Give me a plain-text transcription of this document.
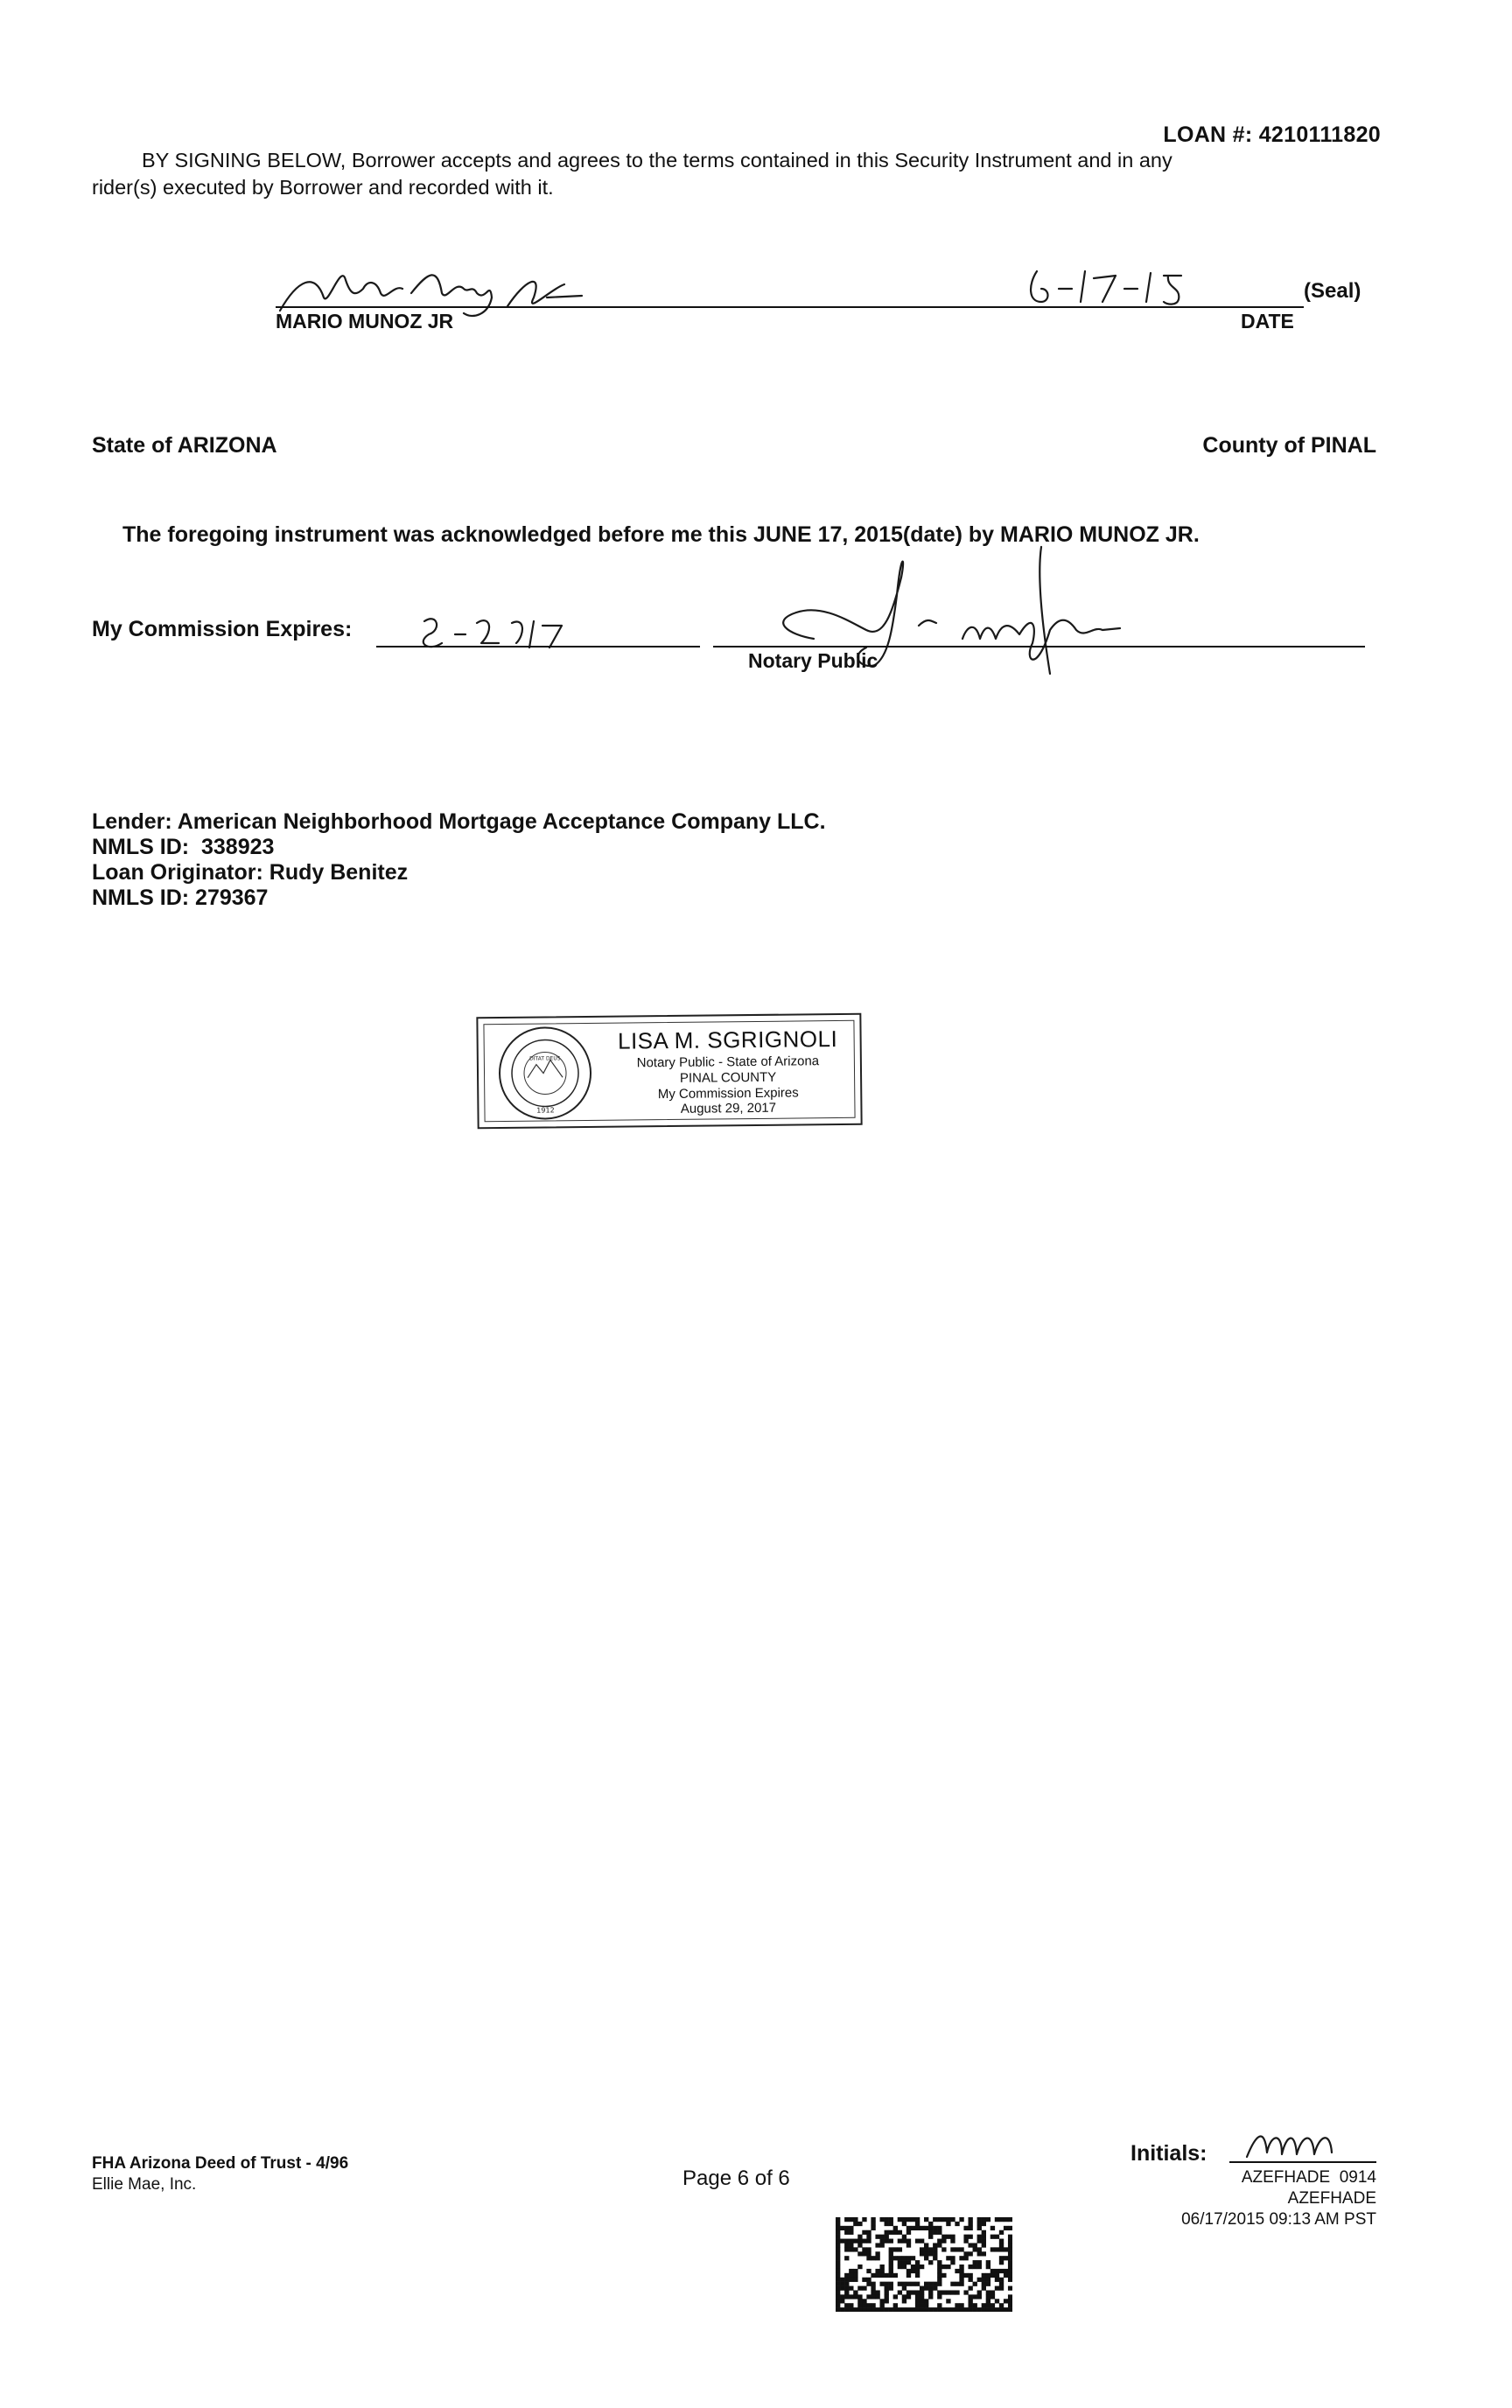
LOAN #: 4210111820
BY SIGNING BELOW, Borrower accepts and agrees to the terms contained in this Security Instrument and in any
rider(s) executed by Borrower and recorded with it.
(Seal)
MARIO MUNOZ JR	DATE
State of ARIZONA	County of PINAL
The foregoing instrument was acknowledged before me this JUNE 17, 2015(date) by MARIO MUNOZ JR.
My Commission Expires:
Notary Public
Lender: American Neighborhood Mortgage Acceptance Company LLC.
NMLS ID:  338923
Loan Originator: Rudy Benitez
NMLS ID: 279367
DITAT DEUS
1912
LISA M. SGRIGNOLI
Notary Public - State of Arizona
PINAL COUNTY
My Commission Expires
August 29, 2017
FHA Arizona Deed of Trust - 4/96
Ellie Mae, Inc.	Page 6 of 6
Initials:
AZEFHADE  0914
AZEFHADE
06/17/2015 09:13 AM PST
